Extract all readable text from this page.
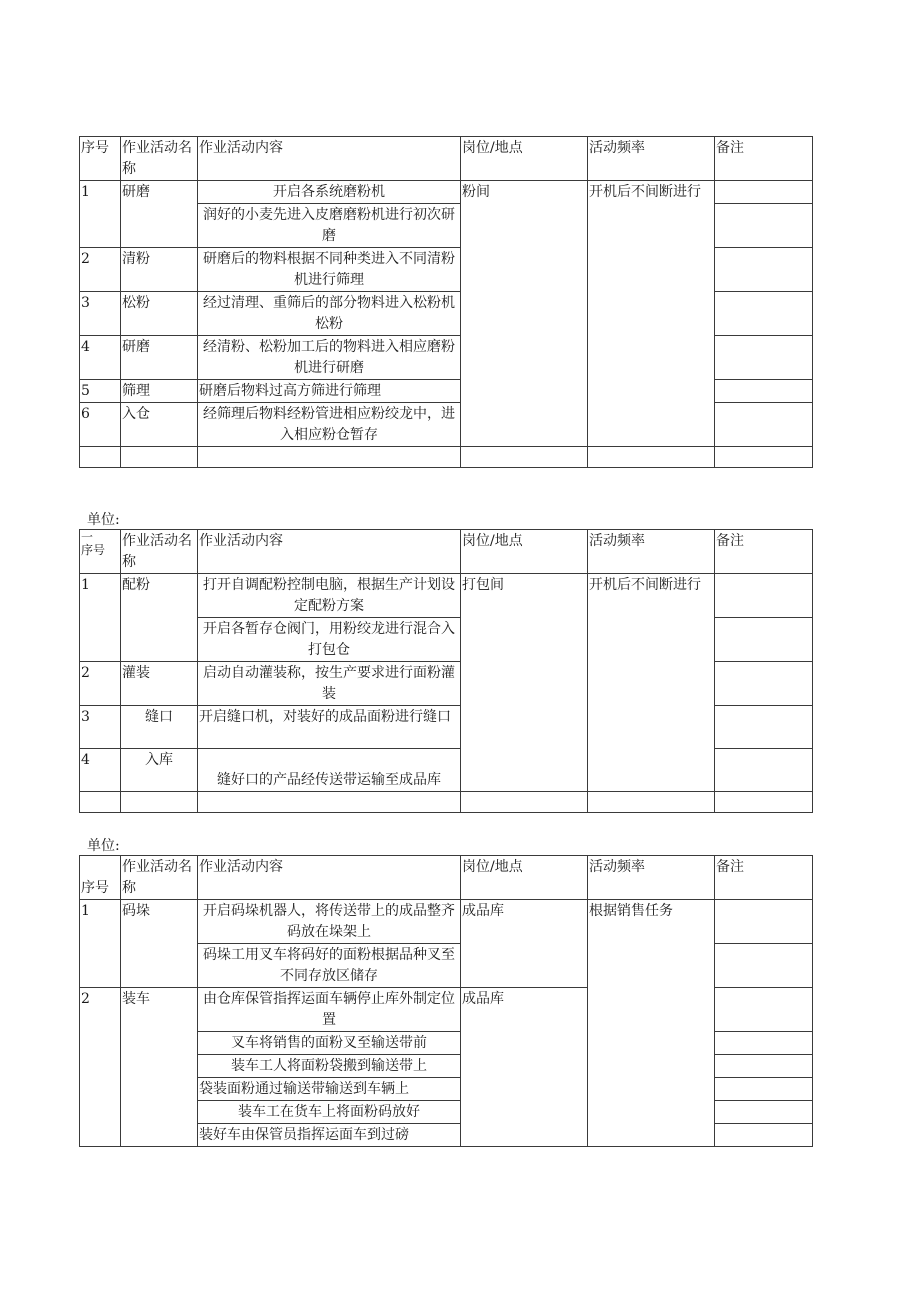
序号	作业活动名称	作业活动内容	岗位/地点	活动频率	备注
1	研磨	开启各系统磨粉机	粉间	开机后不间断进行	
		润好的小麦先进入皮磨磨粉机进行初次研磨			
2	清粉	研磨后的物料根据不同种类进入不同清粉机进行筛理			
3	松粉	经过清理、重筛后的部分物料进入松粉机松粉			
4	研磨	经清粉、松粉加工后的物料进入相应磨粉机进行研磨			
5	筛理	研磨后物料过高方筛进行筛理			
6	入仓	经筛理后物料经粉管进相应粉绞龙中，进入相应粉仓暂存			

单位:
一
序号	作业活动名称	作业活动内容	岗位/地点	活动频率	备注
1	配粉	打开自调配粉控制电脑，根据生产计划设定配粉方案	打包间	开机后不间断进行	
		开启各暂存仓阀门，用粉绞龙进行混合入打包仓			
2	灌装	启动自动灌装称，按生产要求进行面粉灌装			
3	缝口	开启缝口机，对装好的成品面粉进行缝口			
4	入库	缝好口的产品经传送带运输至成品库			

单位:
序号	作业活动名称	作业活动内容	岗位/地点	活动频率	备注
1	码垛	开启码垛机器人，将传送带上的成品整齐码放在垛架上	成品库	根据销售任务	
		码垛工用叉车将码好的面粉根据品种叉至不同存放区储存			
2	装车	由仓库保管指挥运面车辆停止库外制定位置	成品库		
		叉车将销售的面粉叉至输送带前			
		装车工人将面粉袋搬到输送带上			
		袋装面粉通过输送带输送到车辆上			
		装车工在货车上将面粉码放好			
		装好车由保管员指挥运面车到过磅			
